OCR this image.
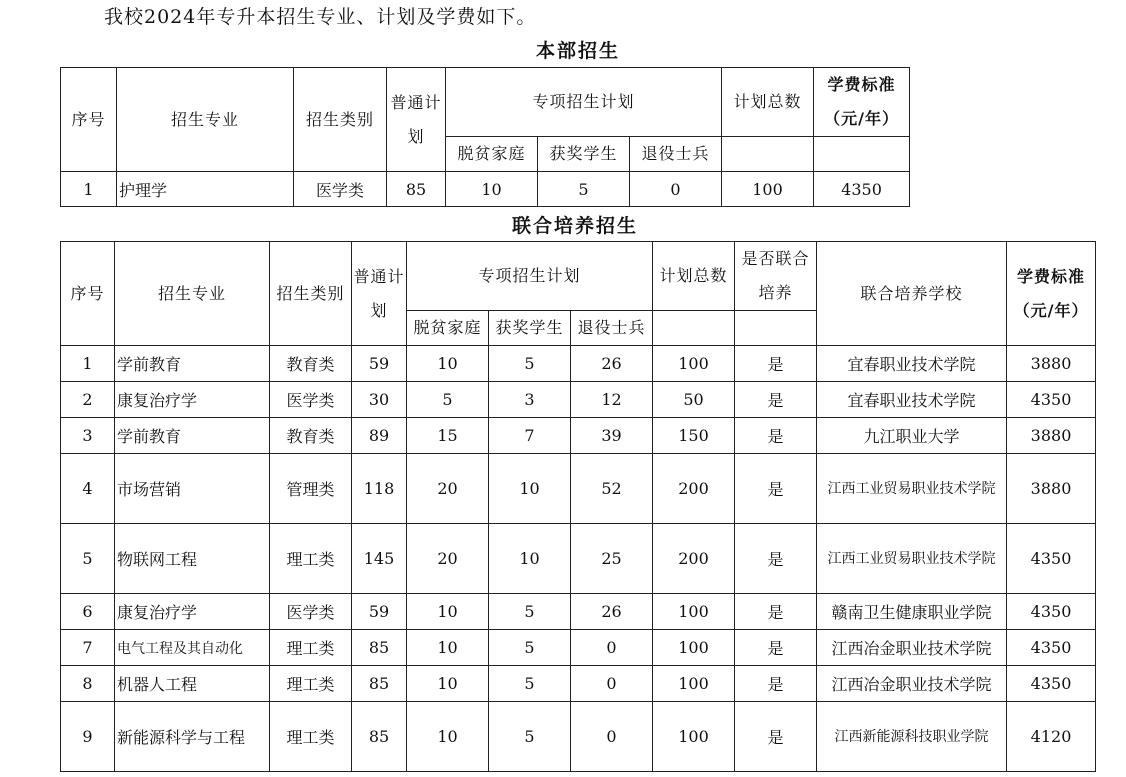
我校2024年专升本招生专业、计划及学费如下。
本部招生
序号	招生专业	招生类别	普通计划	专项招生计划			计划总数	学费标准（元/年）
				脱贫家庭	获奖学生	退役士兵		
1	护理学	医学类	85	10	5	0	100	4350
联合培养招生
序号	招生专业	招生类别	普通计划	专项招生计划			计划总数	是否联合培养	联合培养学校	学费标准（元/年）
				脱贫家庭	获奖学生	退役士兵				
1	学前教育	教育类	59	10	5	26	100	是	宜春职业技术学院	3880
2	康复治疗学	医学类	30	5	3	12	50	是	宜春职业技术学院	4350
3	学前教育	教育类	89	15	7	39	150	是	九江职业大学	3880
4	市场营销	管理类	118	20	10	52	200	是	江西工业贸易职业技术学院	3880
5	物联网工程	理工类	145	20	10	25	200	是	江西工业贸易职业技术学院	4350
6	康复治疗学	医学类	59	10	5	26	100	是	赣南卫生健康职业学院	4350
7	电气工程及其自动化	理工类	85	10	5	0	100	是	江西冶金职业技术学院	4350
8	机器人工程	理工类	85	10	5	0	100	是	江西冶金职业技术学院	4350
9	新能源科学与工程	理工类	85	10	5	0	100	是	江西新能源科技职业学院	4120
